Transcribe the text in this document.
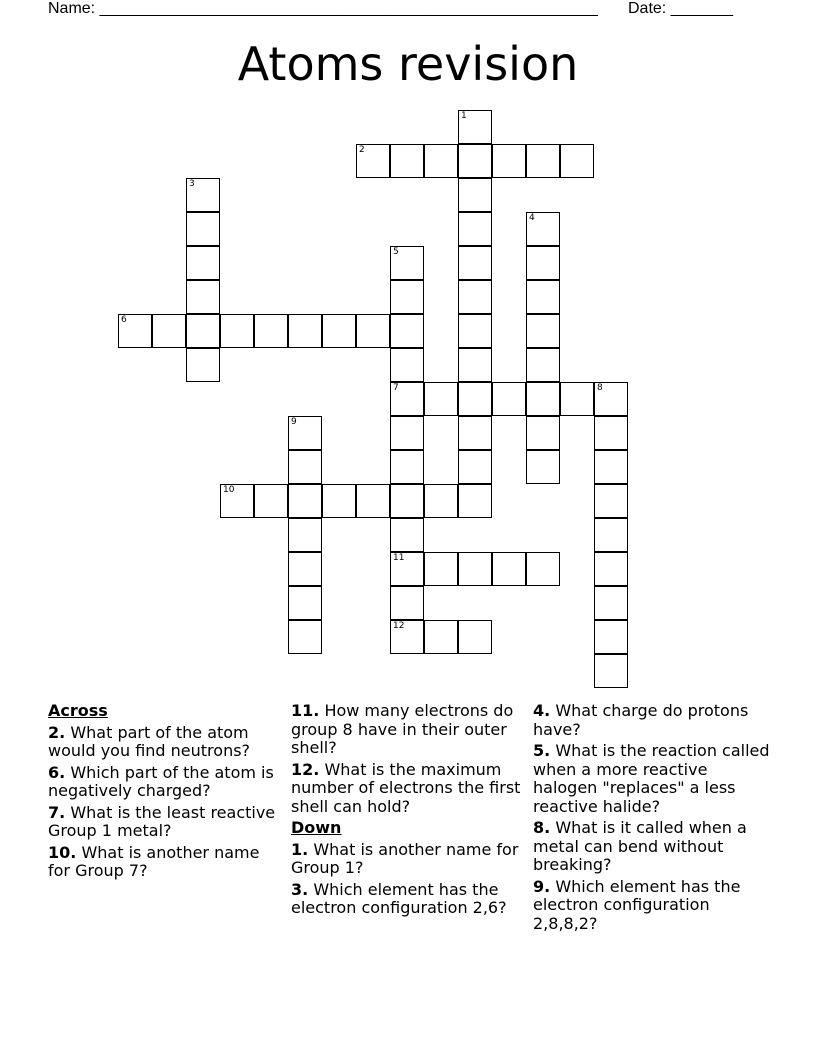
Name: ________________________________________________________ Date: _______
Atoms revision
1
2
3
4
5
7
11
12
6
8
9
10
Across
2. What part of the atom would you find neutrons?
6. Which part of the atom is negatively charged?
7. What is the least reactive Group 1 metal?
10. What is another name for Group 7?
11. How many electrons do group 8 have in their outer shell?
12. What is the maximum number of electrons the first shell can hold?
Down
1. What is another name for Group 1?
3. Which element has the electron configuration 2,6?
4. What charge do protons have?
5. What is the reaction called when a more reactive halogen "replaces" a less reactive halide?
8. What is it called when a metal can bend without breaking?
9. Which element has the electron configuration 2,8,8,2?
